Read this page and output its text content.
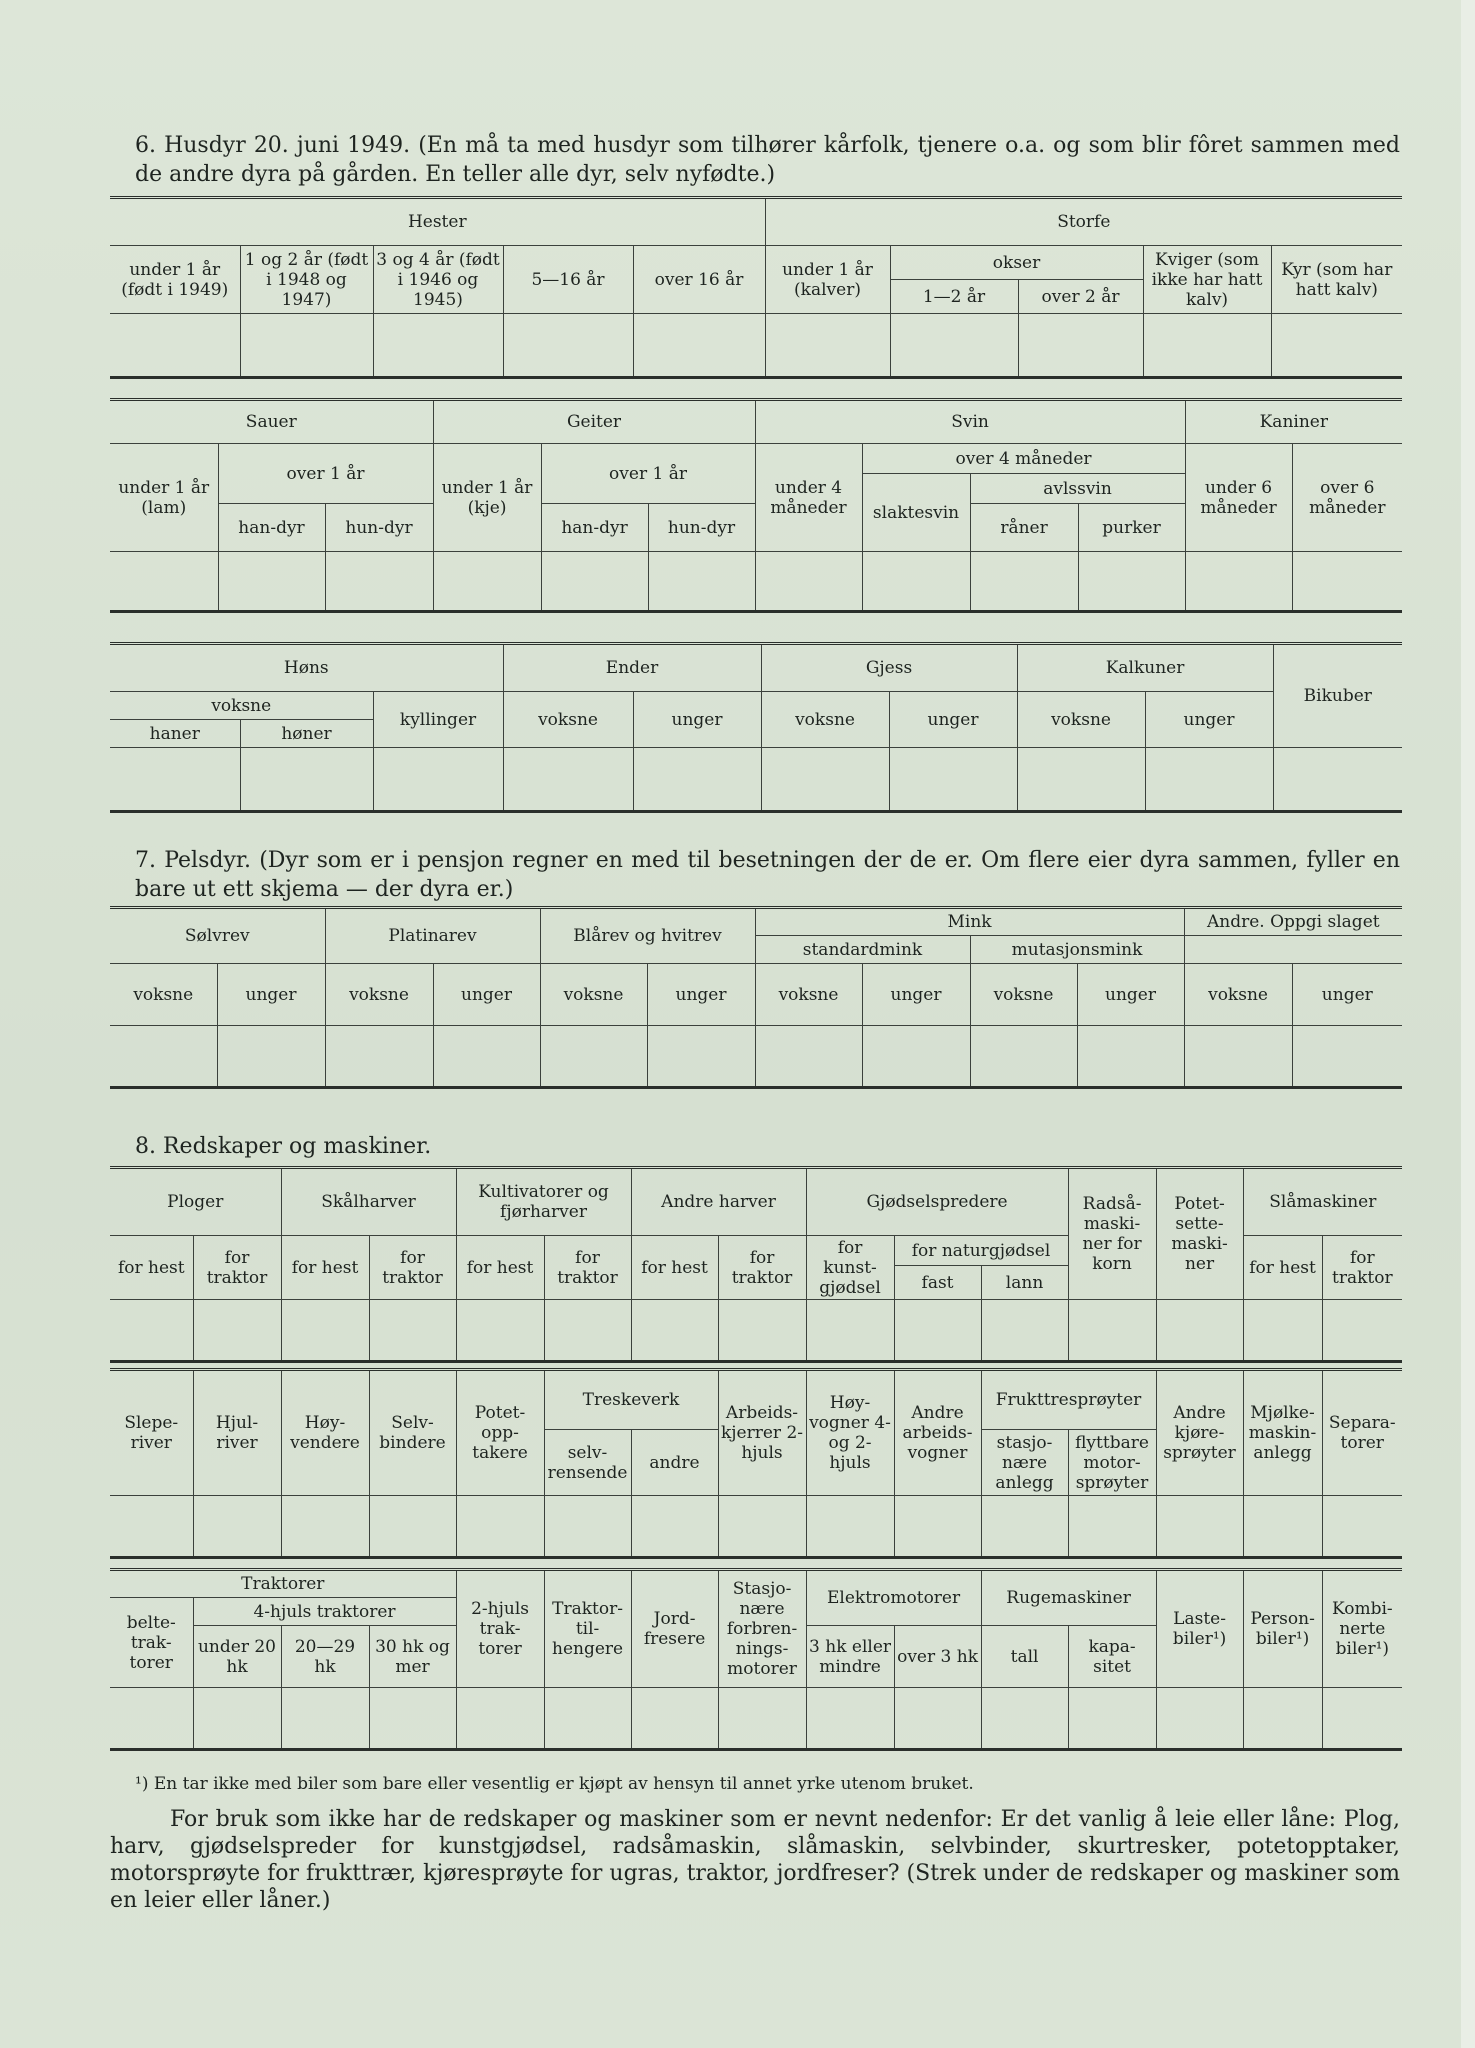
6. Husdyr 20. juni 1949. (En må ta med husdyr som tilhører kårfolk, tjenere o.a. og som blir fôret sammen med de andre dyra på gården. En teller alle dyr, selv nyfødte.)
Hester					Storfe				
under 1 år (født i 1949)	1 og 2 år (født i 1948 og 1947)	3 og 4 år (født i 1946 og 1945)	5—16 år	over 16 år	under 1 år (kalver)	okser		Kviger (som ikke har hatt kalv)	Kyr (som har hatt kalv)
						1—2 år	over 2 år		

Sauer			Geiter			Svin				Kaniner	
under 1 år (lam)	over 1 år		under 1 år (kje)	over 1 år		under 4 måneder	over 4 måneder			under 6 måneder	over 6 måneder
							slaktesvin	avlssvin			
	han-dyr	hun-dyr		han-dyr	hun-dyr			råner	purker		

Høns			Ender		Gjess		Kalkuner		Bikuber
voksne		kyllinger	voksne	unger	voksne	unger	voksne	unger	
haner	høner								

7. Pelsdyr. (Dyr som er i pensjon regner en med til besetningen der de er. Om flere eier dyra sammen, fyller en bare ut ett skjema — der dyra er.)
Sølvrev		Platinarev		Blårev og hvitrev		Mink				Andre. Oppgi slaget	
						standardmink		mutasjonsmink			
voksne	unger	voksne	unger	voksne	unger	voksne	unger	voksne	unger	voksne	unger

8. Redskaper og maskiner.
Ploger		Skålharver		Kultivatorer og fjørharver		Andre harver		Gjødselspredere			Radså-maski-ner for korn	Potet-sette-maski-ner	Slåmaskiner	
for hest	for traktor	for hest	for traktor	for hest	for traktor	for hest	for traktor	for kunst-gjødsel	for naturgjødsel				for hest	for traktor
									fast	lann				

Slepe-river	Hjul-river	Høy-vendere	Selv-bindere	Potet-opp-takere	Treskeverk		Arbeids-kjerrer 2-hjuls	Høy-vogner 4- og 2-hjuls	Andre arbeids-vogner	Frukttresprøyter		Andre kjøre-sprøyter	Mjølke-maskin-anlegg	Separa-torer
					selv-rensende	andre				stasjo-nære anlegg	flyttbare motor-sprøyter			

Traktorer				2-hjuls trak-torer	Traktor-til-hengere	Jord-fresere	Stasjo-nære forbren-nings-motorer	Elektromotorer		Rugemaskiner		Laste-biler¹)	Person-biler¹)	Kombi-nerte biler¹)
belte-trak-torer	4-hjuls traktorer													
	under 20 hk	20—29 hk	30 hk og mer					3 hk eller mindre	over 3 hk	tall	kapa-sitet			

¹) En tar ikke med biler som bare eller vesentlig er kjøpt av hensyn til annet yrke utenom bruket.
For bruk som ikke har de redskaper og maskiner som er nevnt nedenfor: Er det vanlig å leie eller låne: Plog, harv, gjødselspreder for kunstgjødsel, radsåmaskin, slåmaskin, selvbinder, skurtresker, potetopptaker, motorsprøyte for frukttrær, kjøresprøyte for ugras, traktor, jordfreser? (Strek under de redskaper og maskiner som en leier eller låner.)
